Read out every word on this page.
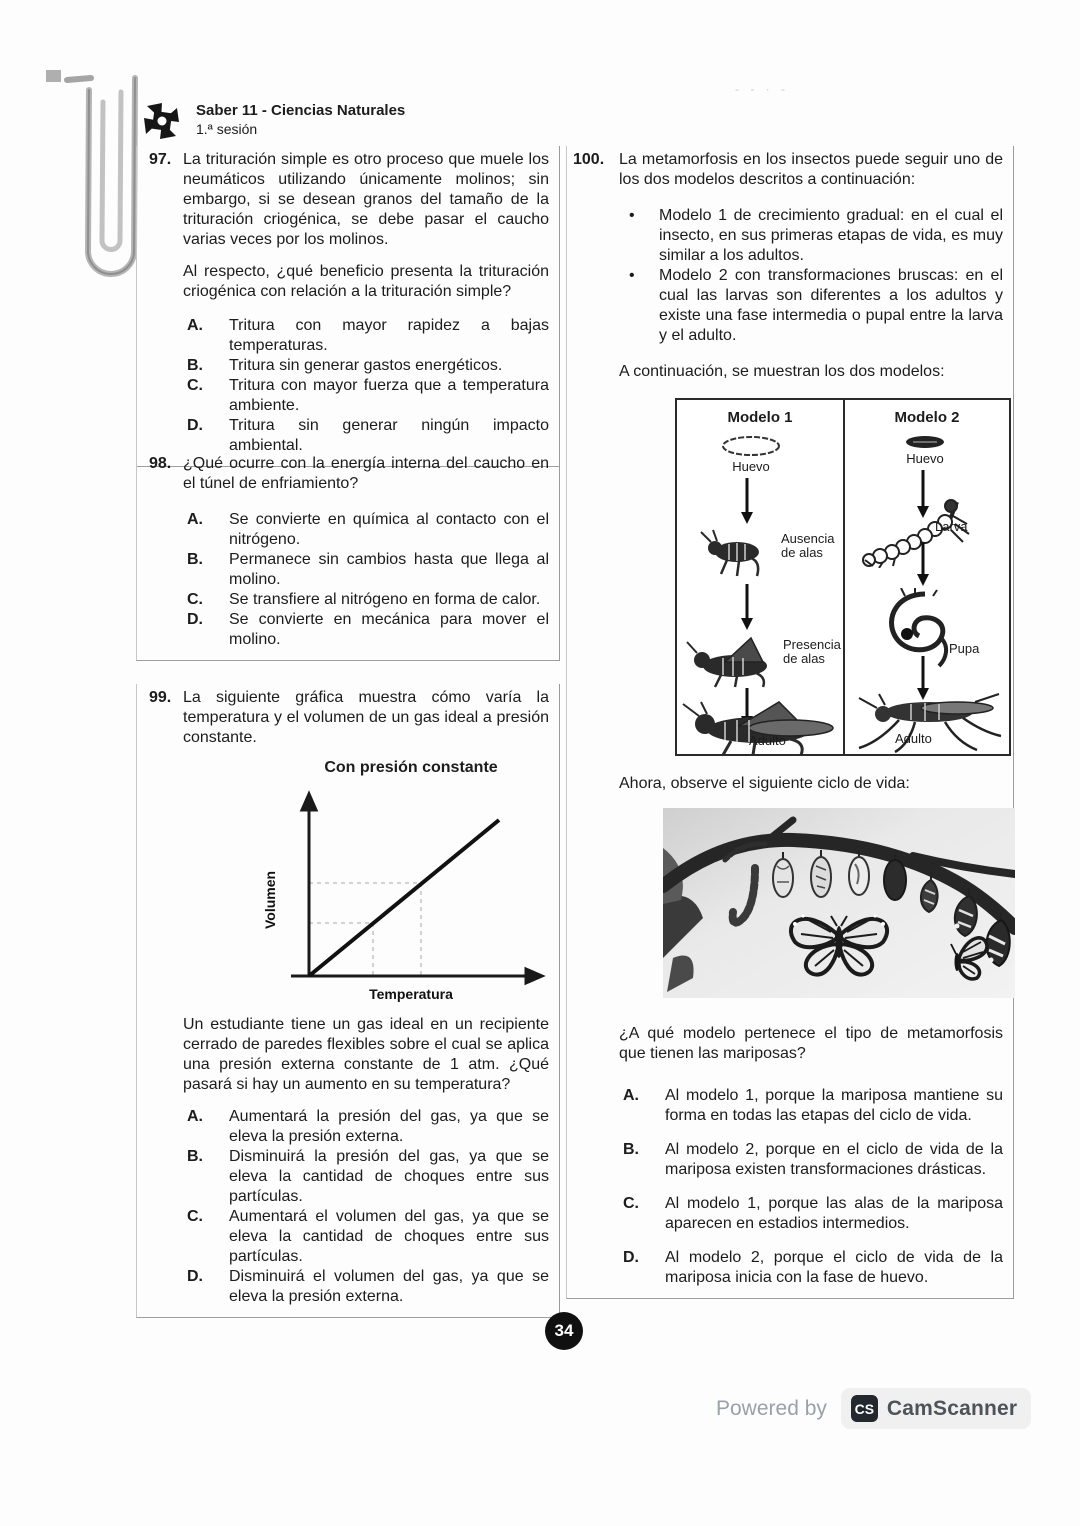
- - · -
Saber 11 - Ciencias Naturales
1.ª sesión
97. La trituración simple es otro proceso que muele los neumáticos utilizando únicamente molinos; sin embargo, si se desean granos del tamaño de la trituración criogénica, se debe pasar el caucho varias veces por los molinos.

Al respecto, ¿qué beneficio presenta la trituración criogénica con relación a la trituración simple?

A.	Tritura con mayor rapidez a bajas temperaturas.
B.	Tritura sin generar gastos energéticos.
C.	Tritura con mayor fuerza que a temperatura ambiente.
D.	Tritura sin generar ningún impacto ambiental.
98. ¿Qué ocurre con la energía interna del caucho en el túnel de enfriamiento?

A.	Se convierte en química al contacto con el nitrógeno.
B.	Permanece sin cambios hasta que llega al molino.
C.	Se transfiere al nitrógeno en forma de calor.
D.	Se convierte en mecánica para mover el molino.
99. La siguiente gráfica muestra cómo varía la temperatura y el volumen de un gas ideal a presión constante.

Con presión constante
Volumen
Temperatura

Un estudiante tiene un gas ideal en un recipiente cerrado de paredes flexibles sobre el cual se aplica una presión externa constante de 1 atm. ¿Qué pasará si hay un aumento en su temperatura?

A.	Aumentará la presión del gas, ya que se eleva la presión externa.
B.	Disminuirá la presión del gas, ya que se eleva la cantidad de choques entre sus partículas.
C.	Aumentará el volumen del gas, ya que se eleva la cantidad de choques entre sus partículas.
D.	Disminuirá el volumen del gas, ya que se eleva la presión externa.
100. La metamorfosis en los insectos puede seguir uno de los dos modelos descritos a continuación:

•	Modelo 1 de crecimiento gradual: en el cual el insecto, en sus primeras etapas de vida, es muy similar a los adultos.
•	Modelo 2 con transformaciones bruscas: en el cual las larvas son diferentes a los adultos y existe una fase intermedia o pupal entre la larva y el adulto.

A continuación, se muestran los dos modelos:

Modelo 1
Huevo
Ausencia de alas
Presencia de alas
Adulto
Modelo 2
Huevo
Larva
Pupa
Adulto

Ahora, observe el siguiente ciclo de vida:

¿A qué modelo pertenece el tipo de metamorfosis que tienen las mariposas?

A.	Al modelo 1, porque la mariposa mantiene su forma en todas las etapas del ciclo de vida.
B.	Al modelo 2, porque en el ciclo de vida de la mariposa existen transformaciones drásticas.
C.	Al modelo 1, porque las alas de la mariposa aparecen en estadios intermedios.
D.	Al modelo 2, porque el ciclo de vida de la mariposa inicia con la fase de huevo.
34
Powered by CS CamScanner
